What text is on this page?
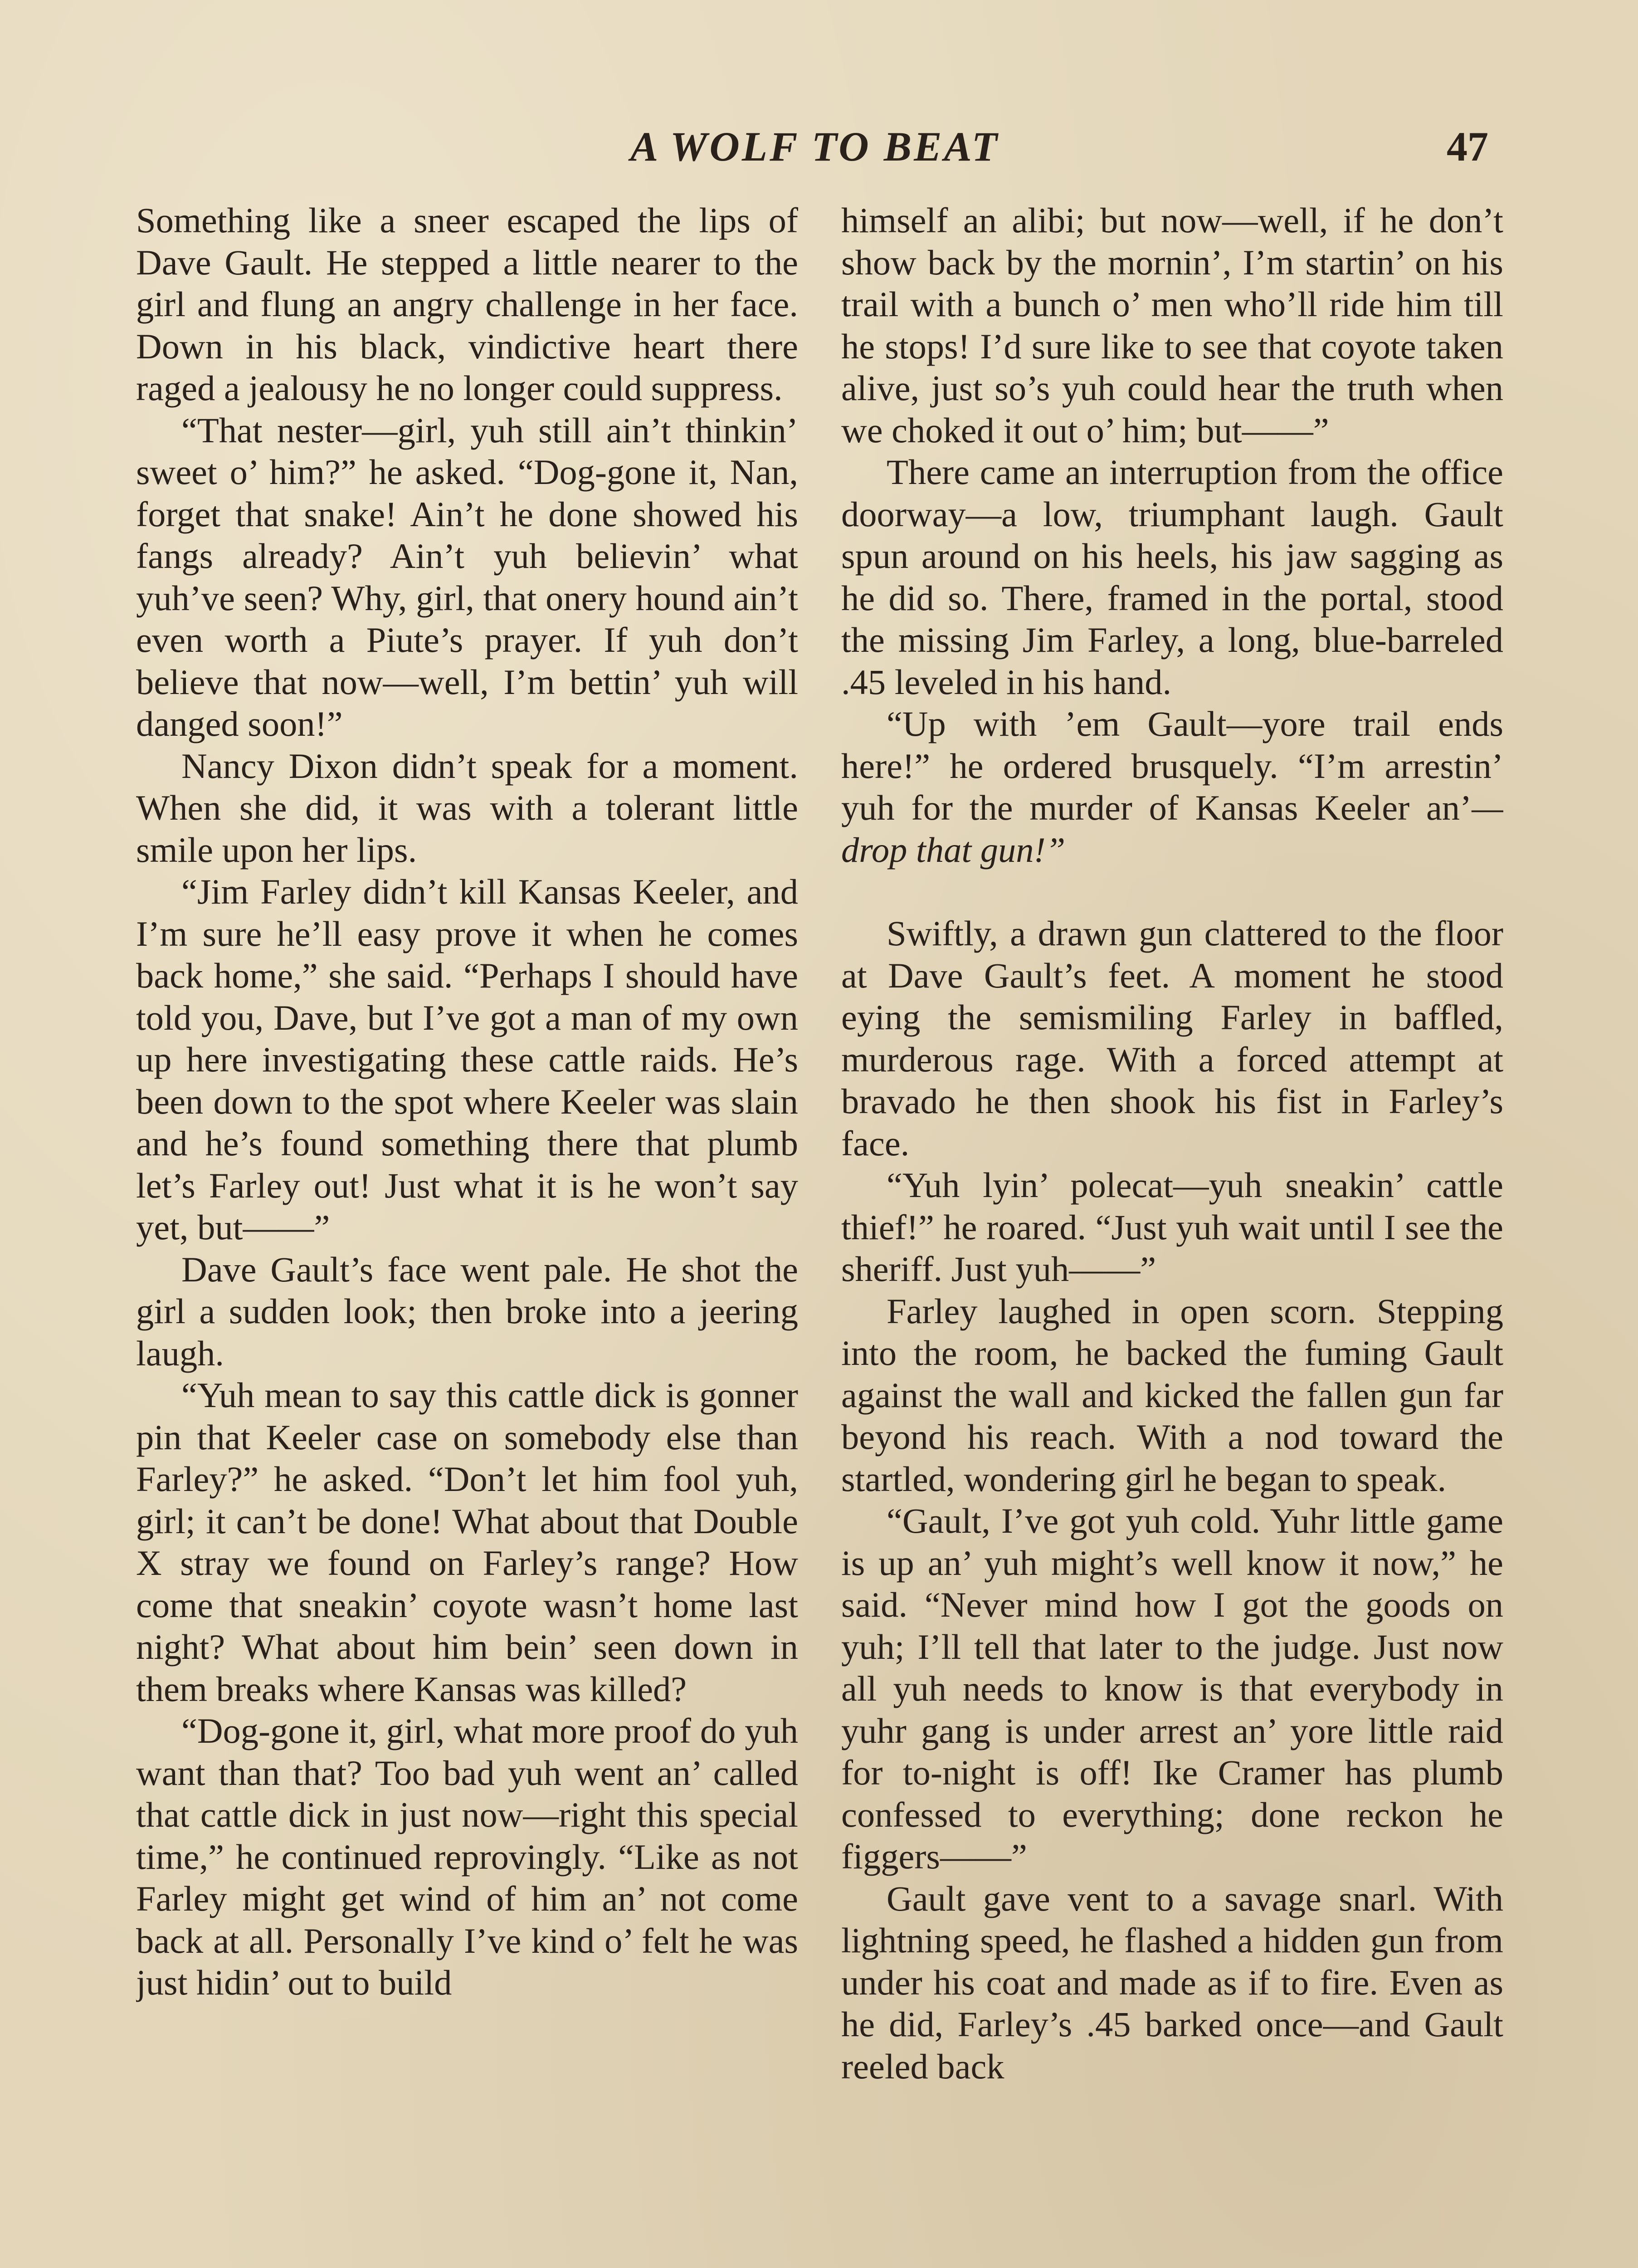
A WOLF TO BEAT	47

Something like a sneer escaped the lips of Dave Gault. He stepped a little nearer to the girl and flung an angry challenge in her face. Down in his black, vindictive heart there raged a jealousy he no longer could suppress.

“That nester—girl, yuh still ain’t thinkin’ sweet o’ him?” he asked. “Dog-gone it, Nan, forget that snake! Ain’t he done showed his fangs already? Ain’t yuh believin’ what yuh’ve seen? Why, girl, that onery hound ain’t even worth a Piute’s prayer. If yuh don’t believe that now—well, I’m bettin’ yuh will danged soon!”

Nancy Dixon didn’t speak for a moment. When she did, it was with a tolerant little smile upon her lips.

“Jim Farley didn’t kill Kansas Keeler, and I’m sure he’ll easy prove it when he comes back home,” she said. “Perhaps I should have told you, Dave, but I’ve got a man of my own up here investigating these cattle raids. He’s been down to the spot where Keeler was slain and he’s found something there that plumb let’s Farley out! Just what it is he won’t say yet, but——”

Dave Gault’s face went pale. He shot the girl a sudden look; then broke into a jeering laugh.

“Yuh mean to say this cattle dick is gonner pin that Keeler case on somebody else than Farley?” he asked. “Don’t let him fool yuh, girl; it can’t be done! What about that Double X stray we found on Farley’s range? How come that sneakin’ coyote wasn’t home last night? What about him bein’ seen down in them breaks where Kansas was killed?

“Dog-gone it, girl, what more proof do yuh want than that? Too bad yuh went an’ called that cattle dick in just now—right this special time,” he continued reprovingly. “Like as not Farley might get wind of him an’ not come back at all. Personally I’ve kind o’ felt he was just hidin’ out to build

himself an alibi; but now—well, if he don’t show back by the mornin’, I’m startin’ on his trail with a bunch o’ men who’ll ride him till he stops! I’d sure like to see that coyote taken alive, just so’s yuh could hear the truth when we choked it out o’ him; but——”

There came an interruption from the office doorway—a low, triumphant laugh. Gault spun around on his heels, his jaw sagging as he did so. There, framed in the portal, stood the missing Jim Farley, a long, blue-barreled .45 leveled in his hand.

“Up with ’em Gault—yore trail ends here!” he ordered brusquely. “I’m arrestin’ yuh for the murder of Kansas Keeler an’—drop that gun!”

Swiftly, a drawn gun clattered to the floor at Dave Gault’s feet. A moment he stood eying the semismiling Farley in baffled, murderous rage. With a forced attempt at bravado he then shook his fist in Farley’s face.

“Yuh lyin’ polecat—yuh sneakin’ cattle thief!” he roared. “Just yuh wait until I see the sheriff. Just yuh——”

Farley laughed in open scorn. Stepping into the room, he backed the fuming Gault against the wall and kicked the fallen gun far beyond his reach. With a nod toward the startled, wondering girl he began to speak.

“Gault, I’ve got yuh cold. Yuhr little game is up an’ yuh might’s well know it now,” he said. “Never mind how I got the goods on yuh; I’ll tell that later to the judge. Just now all yuh needs to know is that everybody in yuhr gang is under arrest an’ yore little raid for to-night is off! Ike Cramer has plumb confessed to everything; done reckon he figgers——”

Gault gave vent to a savage snarl. With lightning speed, he flashed a hidden gun from under his coat and made as if to fire. Even as he did, Farley’s .45 barked once—and Gault reeled back
